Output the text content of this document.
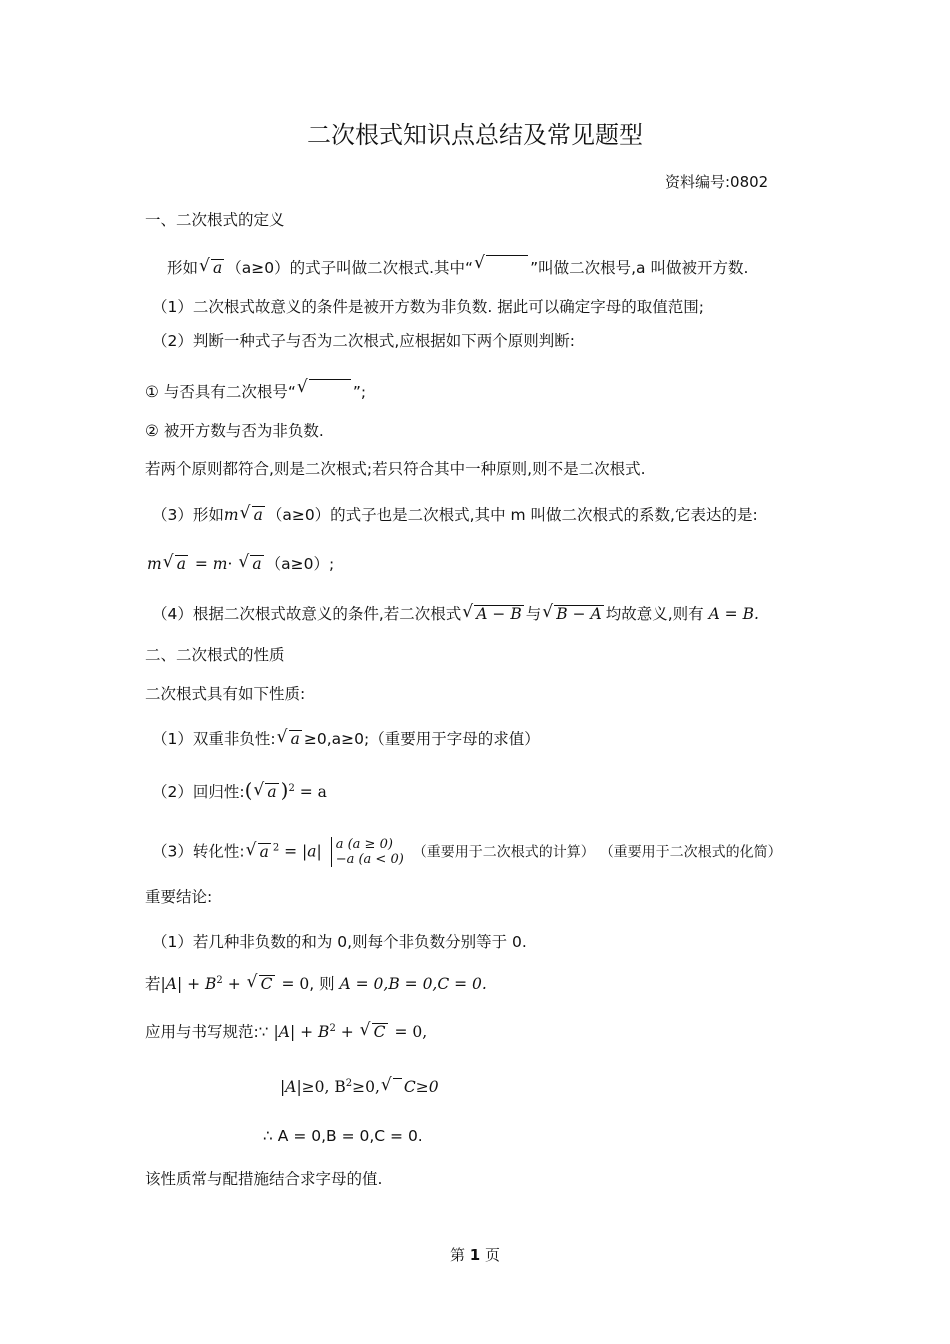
二次根式知识点总结及常见题型
资料编号:0802
一、二次根式的定义
形如√ a （a≥0）的式子叫做二次根式.其中“√	”叫做二次根号,a 叫做被开方数.
（1）二次根式故意义的条件是被开方数为非负数. 据此可以确定字母的取值范围;
（2）判断一种式子与否为二次根式,应根据如下两个原则判断:
① 与否具有二次根号“√	”;
② 被开方数与否为非负数.
若两个原则都符合,则是二次根式;若只符合其中一种原则,则不是二次根式.
（3）形如m√ a （a≥0）的式子也是二次根式,其中 m 叫做二次根式的系数,它表达的是:
m√ a = m· √ a （a≥0）;
（4）根据二次根式故意义的条件,若二次根式√ A − B 与√ B − A 均故意义,则有 A = B.
二、二次根式的性质
二次根式具有如下性质:
（1）双重非负性:√ a ≥0,a≥0;（重要用于字母的求值）
（2）回归性:(√ a )$^2$ = a
（3）转化性:√ a $^2$ = |a| a (a ≥ 0)
−a (a < 0) （重要用于二次根式的计算） （重要用于二次根式的化简）
重要结论:
（1）若几种非负数的和为 0,则每个非负数分别等于 0.
若$|A| + B^2$ + √ C = 0, 则 A = 0,B = 0,C = 0.
应用与书写规范:∵ $|A| + B^2$ + √ C = 0,
|A|≥0, $B^2\ge 0,√$ C≥0
∴ A = 0,B = 0,C = 0.
该性质常与配措施结合求字母的值.
第 1 页
